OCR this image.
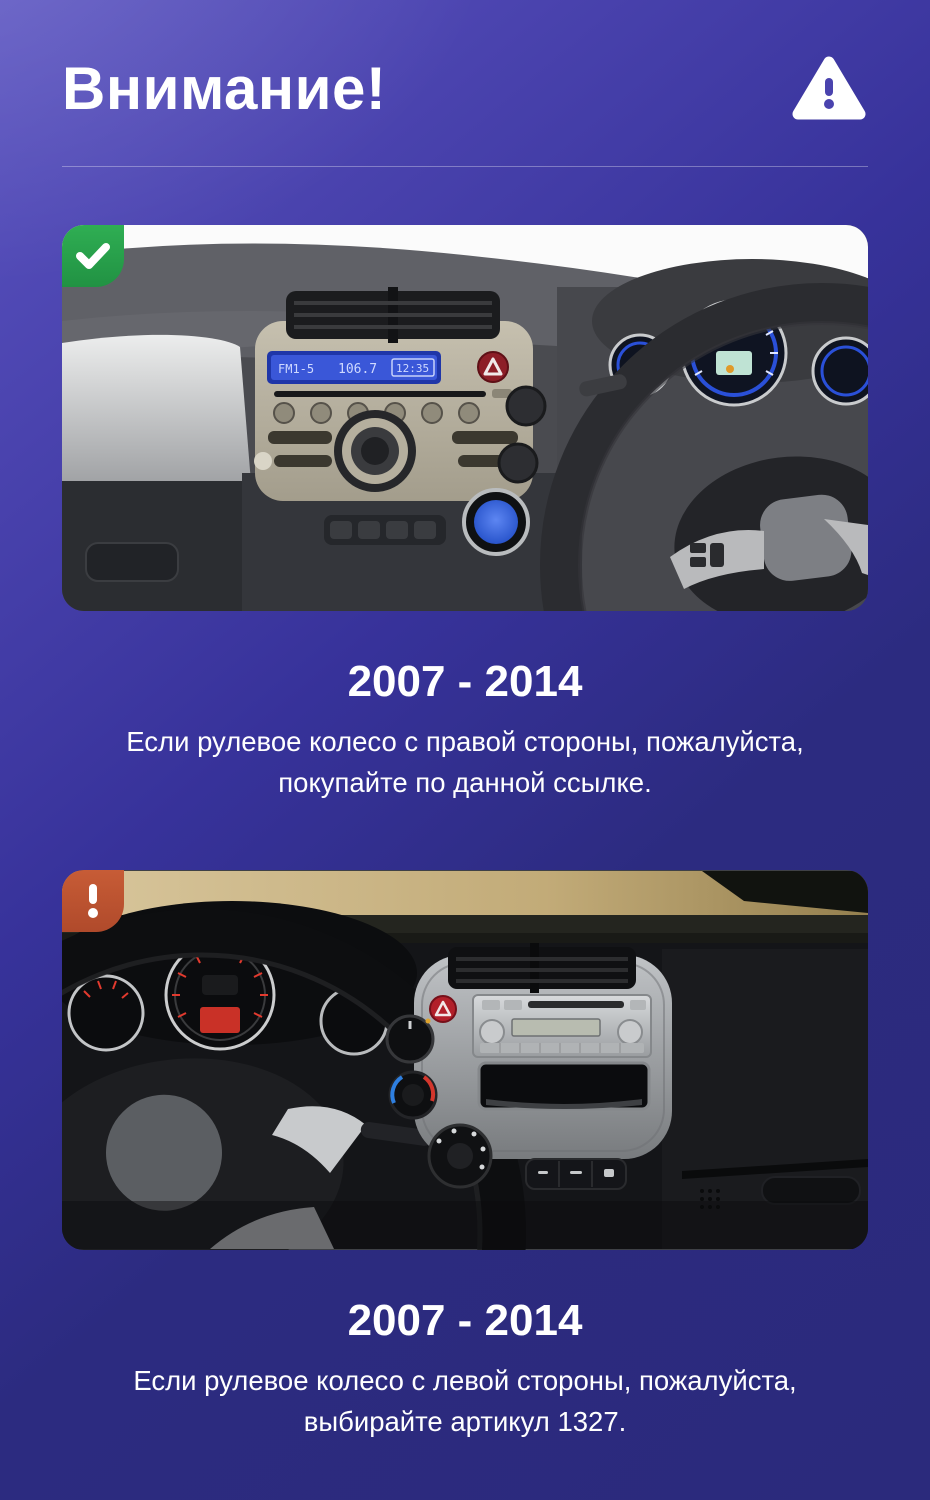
Внимание!
FM1-5 106.7 12:35
2007 - 2014

Если рулевое колесо с правой стороны, пожалуйста, покупайте по данной ссылке.

2007 - 2014

Если рулевое колесо с левой стороны, пожалуйста, выбирайте артикул 1327.
